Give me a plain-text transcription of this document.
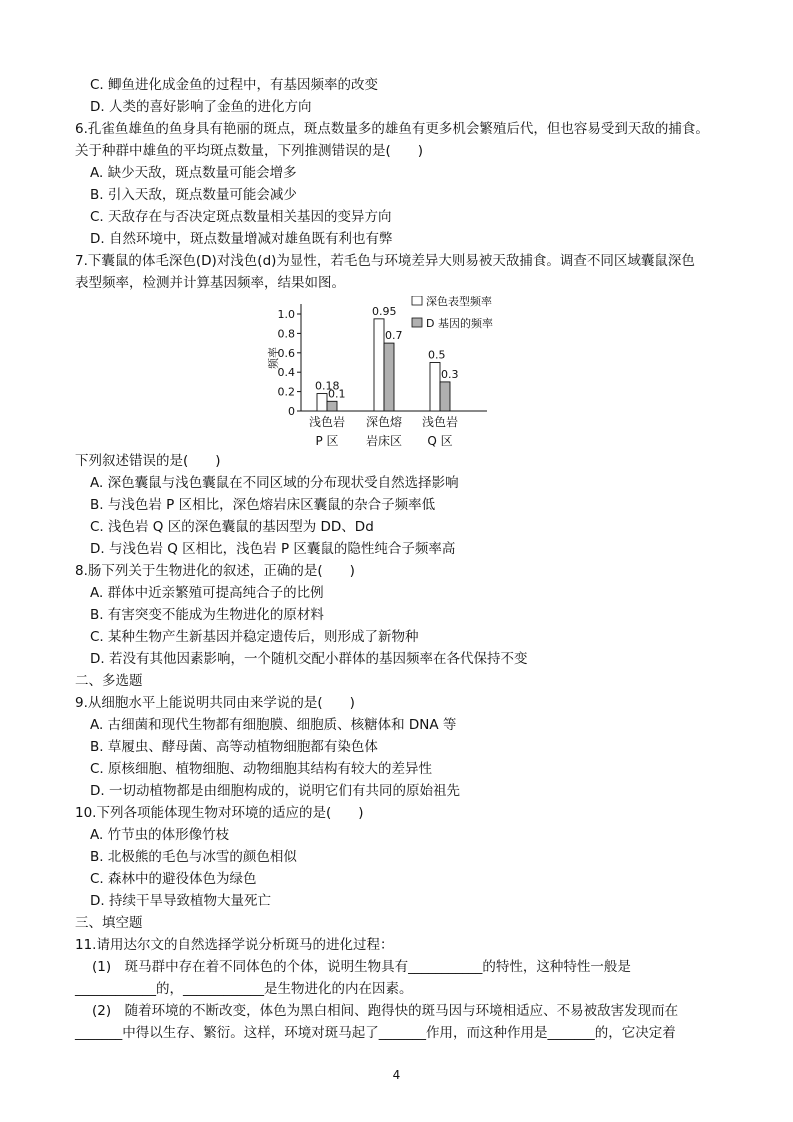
C. 鲫鱼进化成金鱼的过程中，有基因频率的改变
D. 人类的喜好影响了金鱼的进化方向
6.孔雀鱼雄鱼的鱼身具有艳丽的斑点，斑点数量多的雄鱼有更多机会繁殖后代，但也容易受到天敌的捕食。
关于种群中雄鱼的平均斑点数量，下列推测错误的是(　　)
A. 缺少天敌，斑点数量可能会增多
B. 引入天敌，斑点数量可能会减少
C. 天敌存在与否决定斑点数量相关基因的变异方向
D. 自然环境中，斑点数量增减对雄鱼既有利也有弊
7.下囊鼠的体毛深色(D)对浅色(d)为显性，若毛色与环境差异大则易被天敌捕食。调查不同区域囊鼠深色
表型频率，检测并计算基因频率，结果如图。
频率
0
0.2
0.4
0.6
0.8
1.0
0.18
0.95
0.5
0.1
0.7
0.3
浅色岩
P 区
深色熔
岩床区
浅色岩
Q 区
深色表型频率
D 基因的频率
下列叙述错误的是(　　)
A. 深色囊鼠与浅色囊鼠在不同区域的分布现状受自然选择影响
B. 与浅色岩 P 区相比，深色熔岩床区囊鼠的杂合子频率低
C. 浅色岩 Q 区的深色囊鼠的基因型为 DD、Dd
D. 与浅色岩 Q 区相比，浅色岩 P 区囊鼠的隐性纯合子频率高
8.肠下列关于生物进化的叙述，正确的是(　　)
A. 群体中近亲繁殖可提高纯合子的比例
B. 有害突变不能成为生物进化的原材料
C. 某种生物产生新基因并稳定遗传后，则形成了新物种
D. 若没有其他因素影响，一个随机交配小群体的基因频率在各代保持不变
二、多选题
9.从细胞水平上能说明共同由来学说的是(　　)
A. 古细菌和现代生物都有细胞膜、细胞质、核糖体和 DNA 等
B. 草履虫、酵母菌、高等动植物细胞都有染色体
C. 原核细胞、植物细胞、动物细胞其结构有较大的差异性
D. 一切动植物都是由细胞构成的，说明它们有共同的原始祖先
10.下列各项能体现生物对环境的适应的是(　　)
A. 竹节虫的体形像竹枝
B. 北极熊的毛色与冰雪的颜色相似
C. 森林中的避役体色为绿色
D. 持续干旱导致植物大量死亡
三、填空题
11.请用达尔文的自然选择学说分析斑马的进化过程：
(1)　斑马群中存在着不同体色的个体，说明生物具有___________的特性，这种特性一般是
____________的，____________是生物进化的内在因素。
(2)　随着环境的不断改变，体色为黑白相间、跑得快的斑马因与环境相适应、不易被敌害发现而在
_______中得以生存、繁衍。这样，环境对斑马起了_______作用，而这种作用是_______的，它决定着
4
